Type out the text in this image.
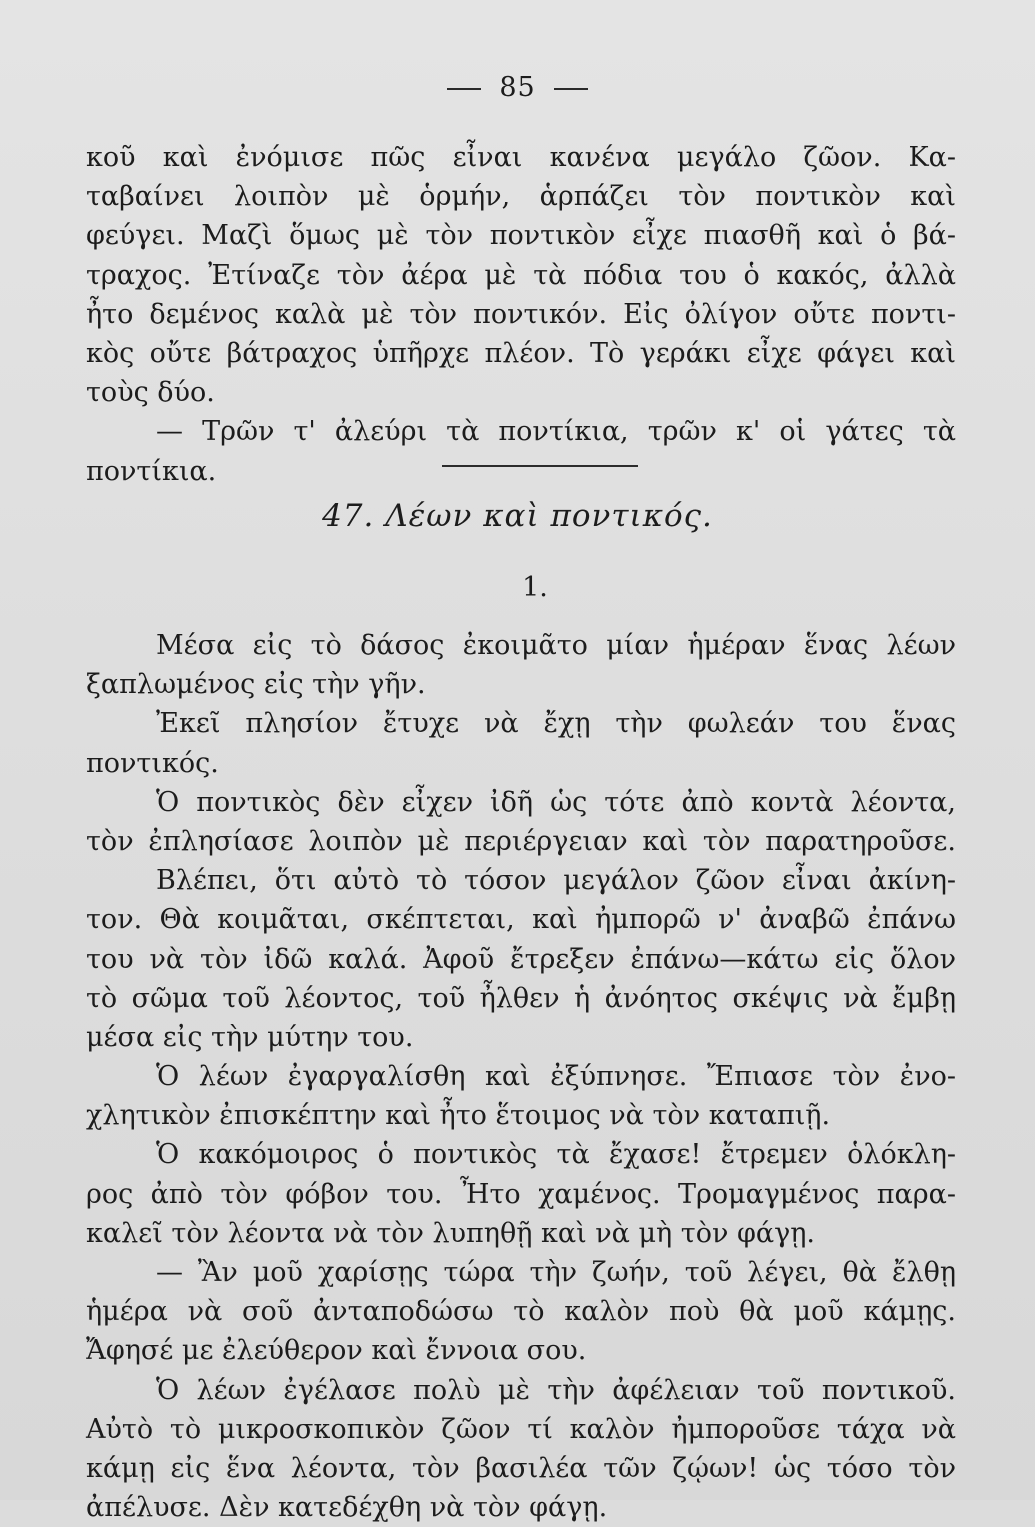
85
κοῦ καὶ ἐνόμισε πῶς εἶναι κανένα μεγάλο ζῶον. Κα-
ταβαίνει λοιπὸν μὲ ὁρμήν, ἁρπάζει τὸν ποντικὸν καὶ
φεύγει. Μαζὶ ὅμως μὲ τὸν ποντικὸν εἶχε πιασθῆ καὶ ὁ βά-
τραχος. Ἐτίναζε τὸν ἀέρα μὲ τὰ πόδια του ὁ κακός, ἀλλὰ
ἦτο δεμένος καλὰ μὲ τὸν ποντικόν. Εἰς ὀλίγον οὔτε ποντι-
κὸς οὔτε βάτραχος ὑπῆρχε πλέον. Τὸ γεράκι εἶχε φάγει καὶ
τοὺς δύο.
— Τρῶν τ' ἀλεύρι τὰ ποντίκια, τρῶν κ' οἱ γάτες τὰ
ποντίκια.
47. Λέων καὶ ποντικός.
1.
Μέσα εἰς τὸ δάσος ἐκοιμᾶτο μίαν ἡμέραν ἕνας λέων
ξαπλωμένος εἰς τὴν γῆν.
Ἐκεῖ πλησίον ἔτυχε νὰ ἔχῃ τὴν φωλεάν του ἕνας
ποντικός.
Ὁ ποντικὸς δὲν εἶχεν ἰδῆ ὡς τότε ἀπὸ κοντὰ λέοντα,
τὸν ἐπλησίασε λοιπὸν μὲ περιέργειαν καὶ τὸν παρατηροῦσε.
Βλέπει, ὅτι αὐτὸ τὸ τόσον μεγάλον ζῶον εἶναι ἀκίνη-
τον. Θὰ κοιμᾶται, σκέπτεται, καὶ ἠμπορῶ ν' ἀναβῶ ἐπάνω
του νὰ τὸν ἰδῶ καλά. Ἀφοῦ ἔτρεξεν ἐπάνω—κάτω εἰς ὅλον
τὸ σῶμα τοῦ λέοντος, τοῦ ἦλθεν ἡ ἀνόητος σκέψις νὰ ἔμβῃ
μέσα εἰς τὴν μύτην του.
Ὁ λέων ἐγαργαλίσθη καὶ ἐξύπνησε. Ἔπιασε τὸν ἐνο-
χλητικὸν ἐπισκέπτην καὶ ἦτο ἕτοιμος νὰ τὸν καταπιῇ.
Ὁ κακόμοιρος ὁ ποντικὸς τὰ ἔχασε! ἔτρεμεν ὁλόκλη-
ρος ἀπὸ τὸν φόβον του. Ἦτο χαμένος. Τρομαγμένος παρα-
καλεῖ τὸν λέοντα νὰ τὸν λυπηθῇ καὶ νὰ μὴ τὸν φάγῃ.
— Ἂν μοῦ χαρίσῃς τώρα τὴν ζωήν, τοῦ λέγει, θὰ ἔλθῃ
ἡμέρα νὰ σοῦ ἀνταποδώσω τὸ καλὸν ποὺ θὰ μοῦ κάμῃς.
Ἄφησέ με ἐλεύθερον καὶ ἔννοια σου.
Ὁ λέων ἐγέλασε πολὺ μὲ τὴν ἀφέλειαν τοῦ ποντικοῦ.
Αὐτὸ τὸ μικροσκοπικὸν ζῶον τί καλὸν ἠμποροῦσε τάχα νὰ
κάμῃ εἰς ἕνα λέοντα, τὸν βασιλέα τῶν ζῴων! ὡς τόσο τὸν
ἀπέλυσε. Δὲν κατεδέχθη νὰ τὸν φάγῃ.
